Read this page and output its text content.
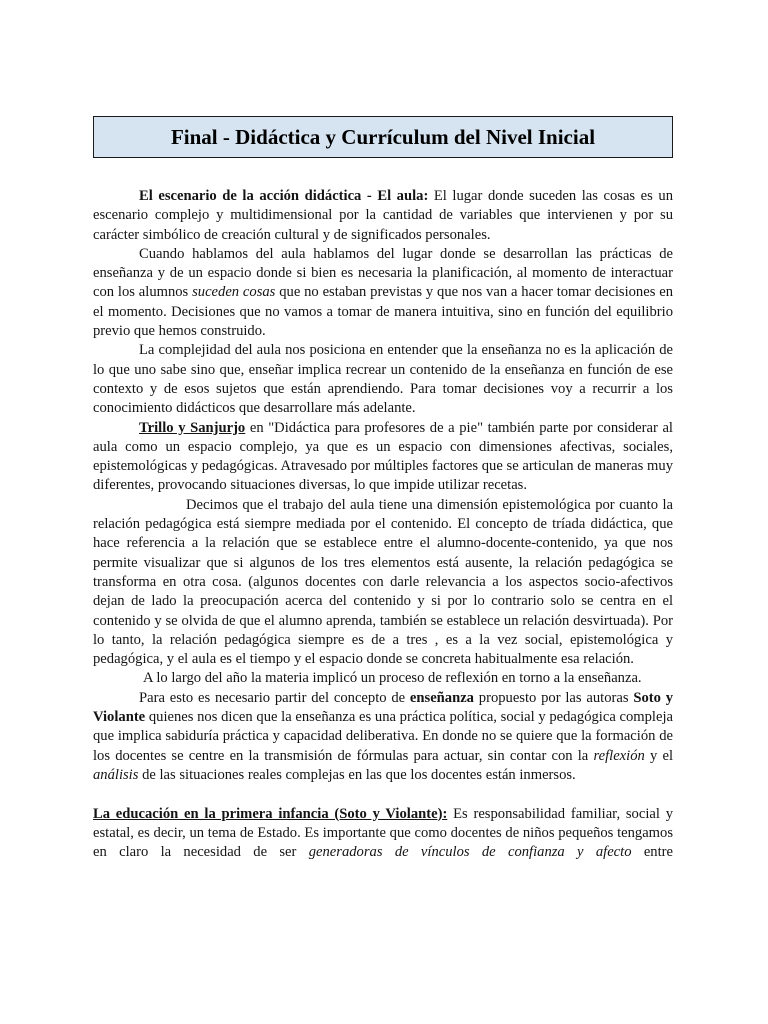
Final - Didáctica y Currículum del Nivel Inicial

El escenario de la acción didáctica - El aula: El lugar donde suceden las cosas es un escenario complejo y multidimensional por la cantidad de variables que intervienen y por su carácter simbólico de creación cultural y de significados personales.

Cuando hablamos del aula hablamos del lugar donde se desarrollan las prácticas de enseñanza y de un espacio donde si bien es necesaria la planificación, al momento de interactuar con los alumnos suceden cosas que no estaban previstas y que nos van a hacer tomar decisiones en el momento. Decisiones que no vamos a tomar de manera intuitiva, sino en función del equilibrio previo que hemos construido.

La complejidad del aula nos posiciona en entender que la enseñanza no es la aplicación de lo que uno sabe sino que, enseñar implica recrear un contenido de la enseñanza en función de ese contexto y de esos sujetos que están aprendiendo. Para tomar decisiones voy a recurrir a los conocimiento didácticos que desarrollare más adelante.

Trillo y Sanjurjo en "Didáctica para profesores de a pie" también parte por considerar al aula como un espacio complejo, ya que es un espacio con dimensiones afectivas, sociales, epistemológicas y pedagógicas. Atravesado por múltiples factores que se articulan de maneras muy diferentes, provocando situaciones diversas, lo que impide utilizar recetas.

Decimos que el trabajo del aula tiene una dimensión epistemológica por cuanto la relación pedagógica está siempre mediada por el contenido. El concepto de tríada didáctica, que hace referencia a la relación que se establece entre el alumno-docente-contenido, ya que nos permite visualizar que si algunos de los tres elementos está ausente, la relación pedagógica se transforma en otra cosa. (algunos docentes con darle relevancia a los aspectos socio-afectivos dejan de lado la preocupación acerca del contenido y si por lo contrario solo se centra en el contenido y se olvida de que el alumno aprenda, también se establece un relación desvirtuada). Por lo tanto, la relación pedagógica siempre es de a tres , es a la vez social, epistemológica y pedagógica, y el aula es el tiempo y el espacio donde se concreta habitualmente esa relación.

A lo largo del año la materia implicó un proceso de reflexión en torno a la enseñanza.

Para esto es necesario partir del concepto de enseñanza propuesto por las autoras Soto y Violante quienes nos dicen que la enseñanza es una práctica política, social y pedagógica compleja que implica sabiduría práctica y capacidad deliberativa. En donde no se quiere que la formación de los docentes se centre en la transmisión de fórmulas para actuar, sin contar con la reflexión y el análisis de las situaciones reales complejas en las que los docentes están inmersos.

La educación en la primera infancia (Soto y Violante): Es responsabilidad familiar, social y estatal, es decir, un tema de Estado. Es importante que como docentes de niños pequeños tengamos en claro la necesidad de ser generadoras de vínculos de confianza y afecto entre
